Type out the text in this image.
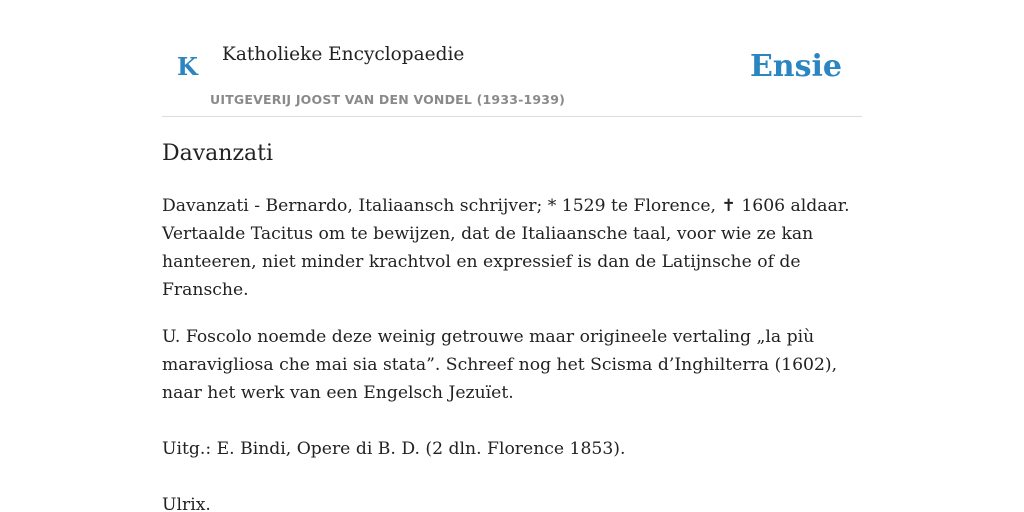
K Katholieke Encyclopaedie
UITGEVERIJ JOOST VAN DEN VONDEL (1933-1939)
Ensie
Davanzati

Davanzati - Bernardo, Italiaansch schrijver; * 1529 te Florence, ✝ 1606 aldaar. Vertaalde Tacitus om te bewijzen, dat de Italiaansche taal, voor wie ze kan hanteeren, niet minder krachtvol en expressief is dan de Latijnsche of de Fransche.

U. Foscolo noemde deze weinig getrouwe maar origineele vertaling „la più maravigliosa che mai sia stata”. Schreef nog het Scisma d’Inghilterra (1602), naar het werk van een Engelsch Jezuïet.

Uitg.: E. Bindi, Opere di B. D. (2 dln. Florence 1853).

Ulrix.
